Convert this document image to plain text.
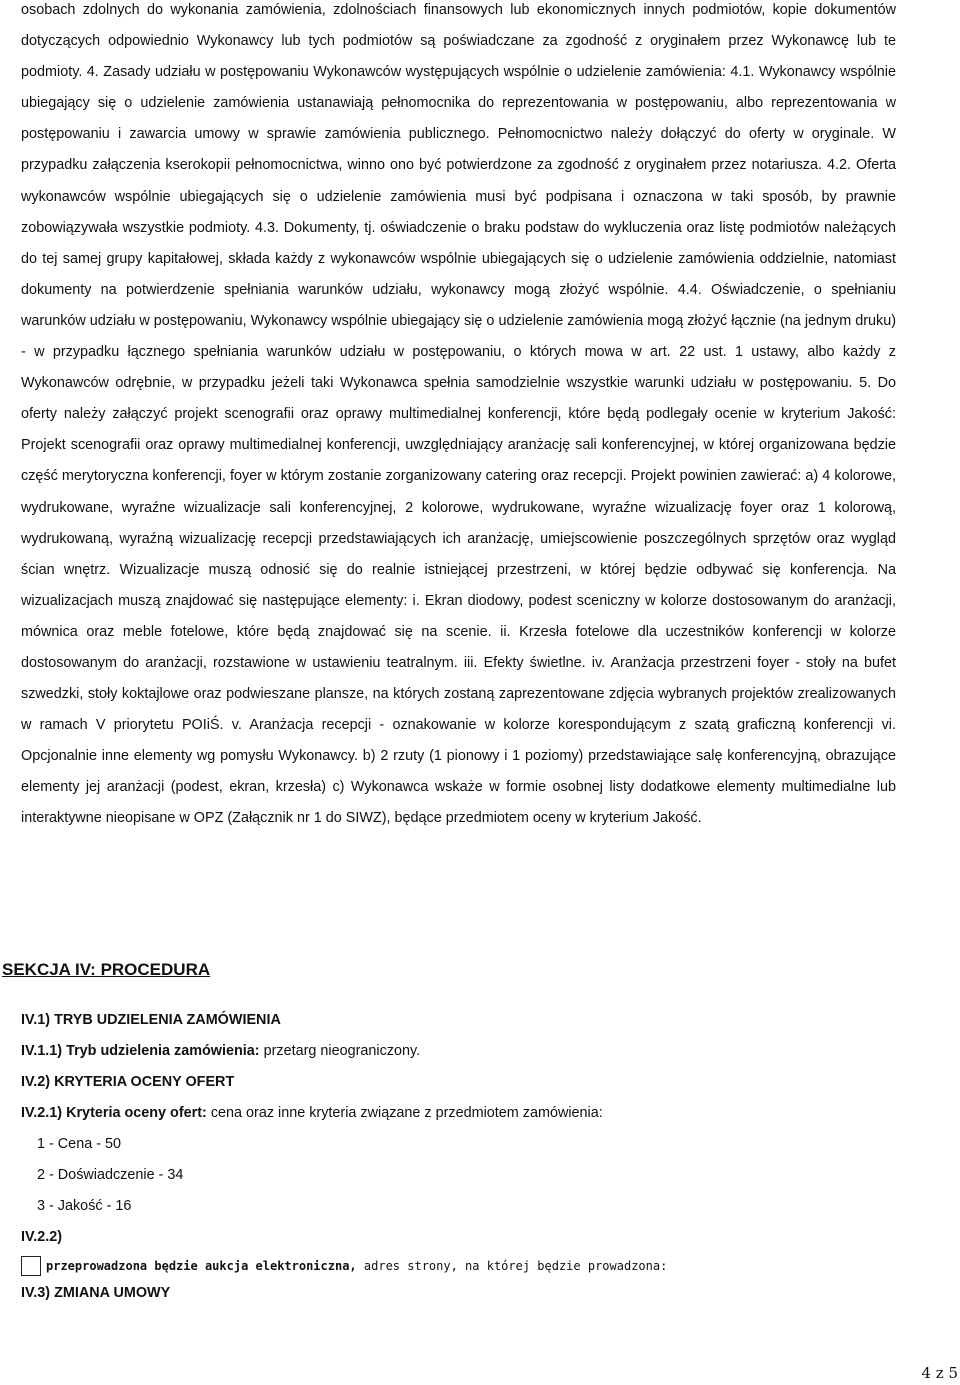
osobach zdolnych do wykonania zamówienia, zdolnościach finansowych lub ekonomicznych innych podmiotów, kopie dokumentów dotyczących odpowiednio Wykonawcy lub tych podmiotów są poświadczane za zgodność z oryginałem przez Wykonawcę lub te podmioty. 4. Zasady udziału w postępowaniu Wykonawców występujących wspólnie o udzielenie zamówienia: 4.1. Wykonawcy wspólnie ubiegający się o udzielenie zamówienia ustanawiają pełnomocnika do reprezentowania w postępowaniu, albo reprezentowania w postępowaniu i zawarcia umowy w sprawie zamówienia publicznego. Pełnomocnictwo należy dołączyć do oferty w oryginale. W przypadku załączenia kserokopii pełnomocnictwa, winno ono być potwierdzone za zgodność z oryginałem przez notariusza. 4.2. Oferta wykonawców wspólnie ubiegających się o udzielenie zamówienia musi być podpisana i oznaczona w taki sposób, by prawnie zobowiązywała wszystkie podmioty. 4.3. Dokumenty, tj. oświadczenie o braku podstaw do wykluczenia oraz listę podmiotów należących do tej samej grupy kapitałowej, składa każdy z wykonawców wspólnie ubiegających się o udzielenie zamówienia oddzielnie, natomiast dokumenty na potwierdzenie spełniania warunków udziału, wykonawcy mogą złożyć wspólnie. 4.4. Oświadczenie, o spełnianiu warunków udziału w postępowaniu, Wykonawcy wspólnie ubiegający się o udzielenie zamówienia mogą złożyć łącznie (na jednym druku) - w przypadku łącznego spełniania warunków udziału w postępowaniu, o których mowa w art. 22 ust. 1 ustawy, albo każdy z Wykonawców odrębnie, w przypadku jeżeli taki Wykonawca spełnia samodzielnie wszystkie warunki udziału w postępowaniu. 5. Do oferty należy załączyć projekt scenografii oraz oprawy multimedialnej konferencji, które będą podlegały ocenie w kryterium Jakość: Projekt scenografii oraz oprawy multimedialnej konferencji, uwzględniający aranżację sali konferencyjnej, w której organizowana będzie część merytoryczna konferencji, foyer w którym zostanie zorganizowany catering oraz recepcji. Projekt powinien zawierać: a) 4 kolorowe, wydrukowane, wyraźne wizualizacje sali konferencyjnej, 2 kolorowe, wydrukowane, wyraźne wizualizację foyer oraz 1 kolorową, wydrukowaną, wyraźną wizualizację recepcji przedstawiających ich aranżację, umiejscowienie poszczególnych sprzętów oraz wygląd ścian wnętrz. Wizualizacje muszą odnosić się do realnie istniejącej przestrzeni, w której będzie odbywać się konferencja. Na wizualizacjach muszą znajdować się następujące elementy: i. Ekran diodowy, podest sceniczny w kolorze dostosowanym do aranżacji, mównica oraz meble fotelowe, które będą znajdować się na scenie. ii. Krzesła fotelowe dla uczestników konferencji w kolorze dostosowanym do aranżacji, rozstawione w ustawieniu teatralnym. iii. Efekty świetlne. iv. Aranżacja przestrzeni foyer - stoły na bufet szwedzki, stoły koktajlowe oraz podwieszane plansze, na których zostaną zaprezentowane zdjęcia wybranych projektów zrealizowanych w ramach V priorytetu POIiŚ. v. Aranżacja recepcji - oznakowanie w kolorze korespondującym z szatą graficzną konferencji vi. Opcjonalnie inne elementy wg pomysłu Wykonawcy. b) 2 rzuty (1 pionowy i 1 poziomy) przedstawiające salę konferencyjną, obrazujące elementy jej aranżacji (podest, ekran, krzesła) c) Wykonawca wskaże w formie osobnej listy dodatkowe elementy multimedialne lub interaktywne nieopisane w OPZ (Załącznik nr 1 do SIWZ), będące przedmiotem oceny w kryterium Jakość.

SEKCJA IV: PROCEDURA
IV.1) TRYB UDZIELENIA ZAMÓWIENIA
IV.1.1) Tryb udzielenia zamówienia: przetarg nieograniczony.
IV.2) KRYTERIA OCENY OFERT
IV.2.1) Kryteria oceny ofert: cena oraz inne kryteria związane z przedmiotem zamówienia:
1 - Cena - 50
2 - Doświadczenie - 34
3 - Jakość - 16
IV.2.2)
przeprowadzona będzie aukcja elektroniczna, adres strony, na której będzie prowadzona:
IV.3) ZMIANA UMOWY
4 z 5
